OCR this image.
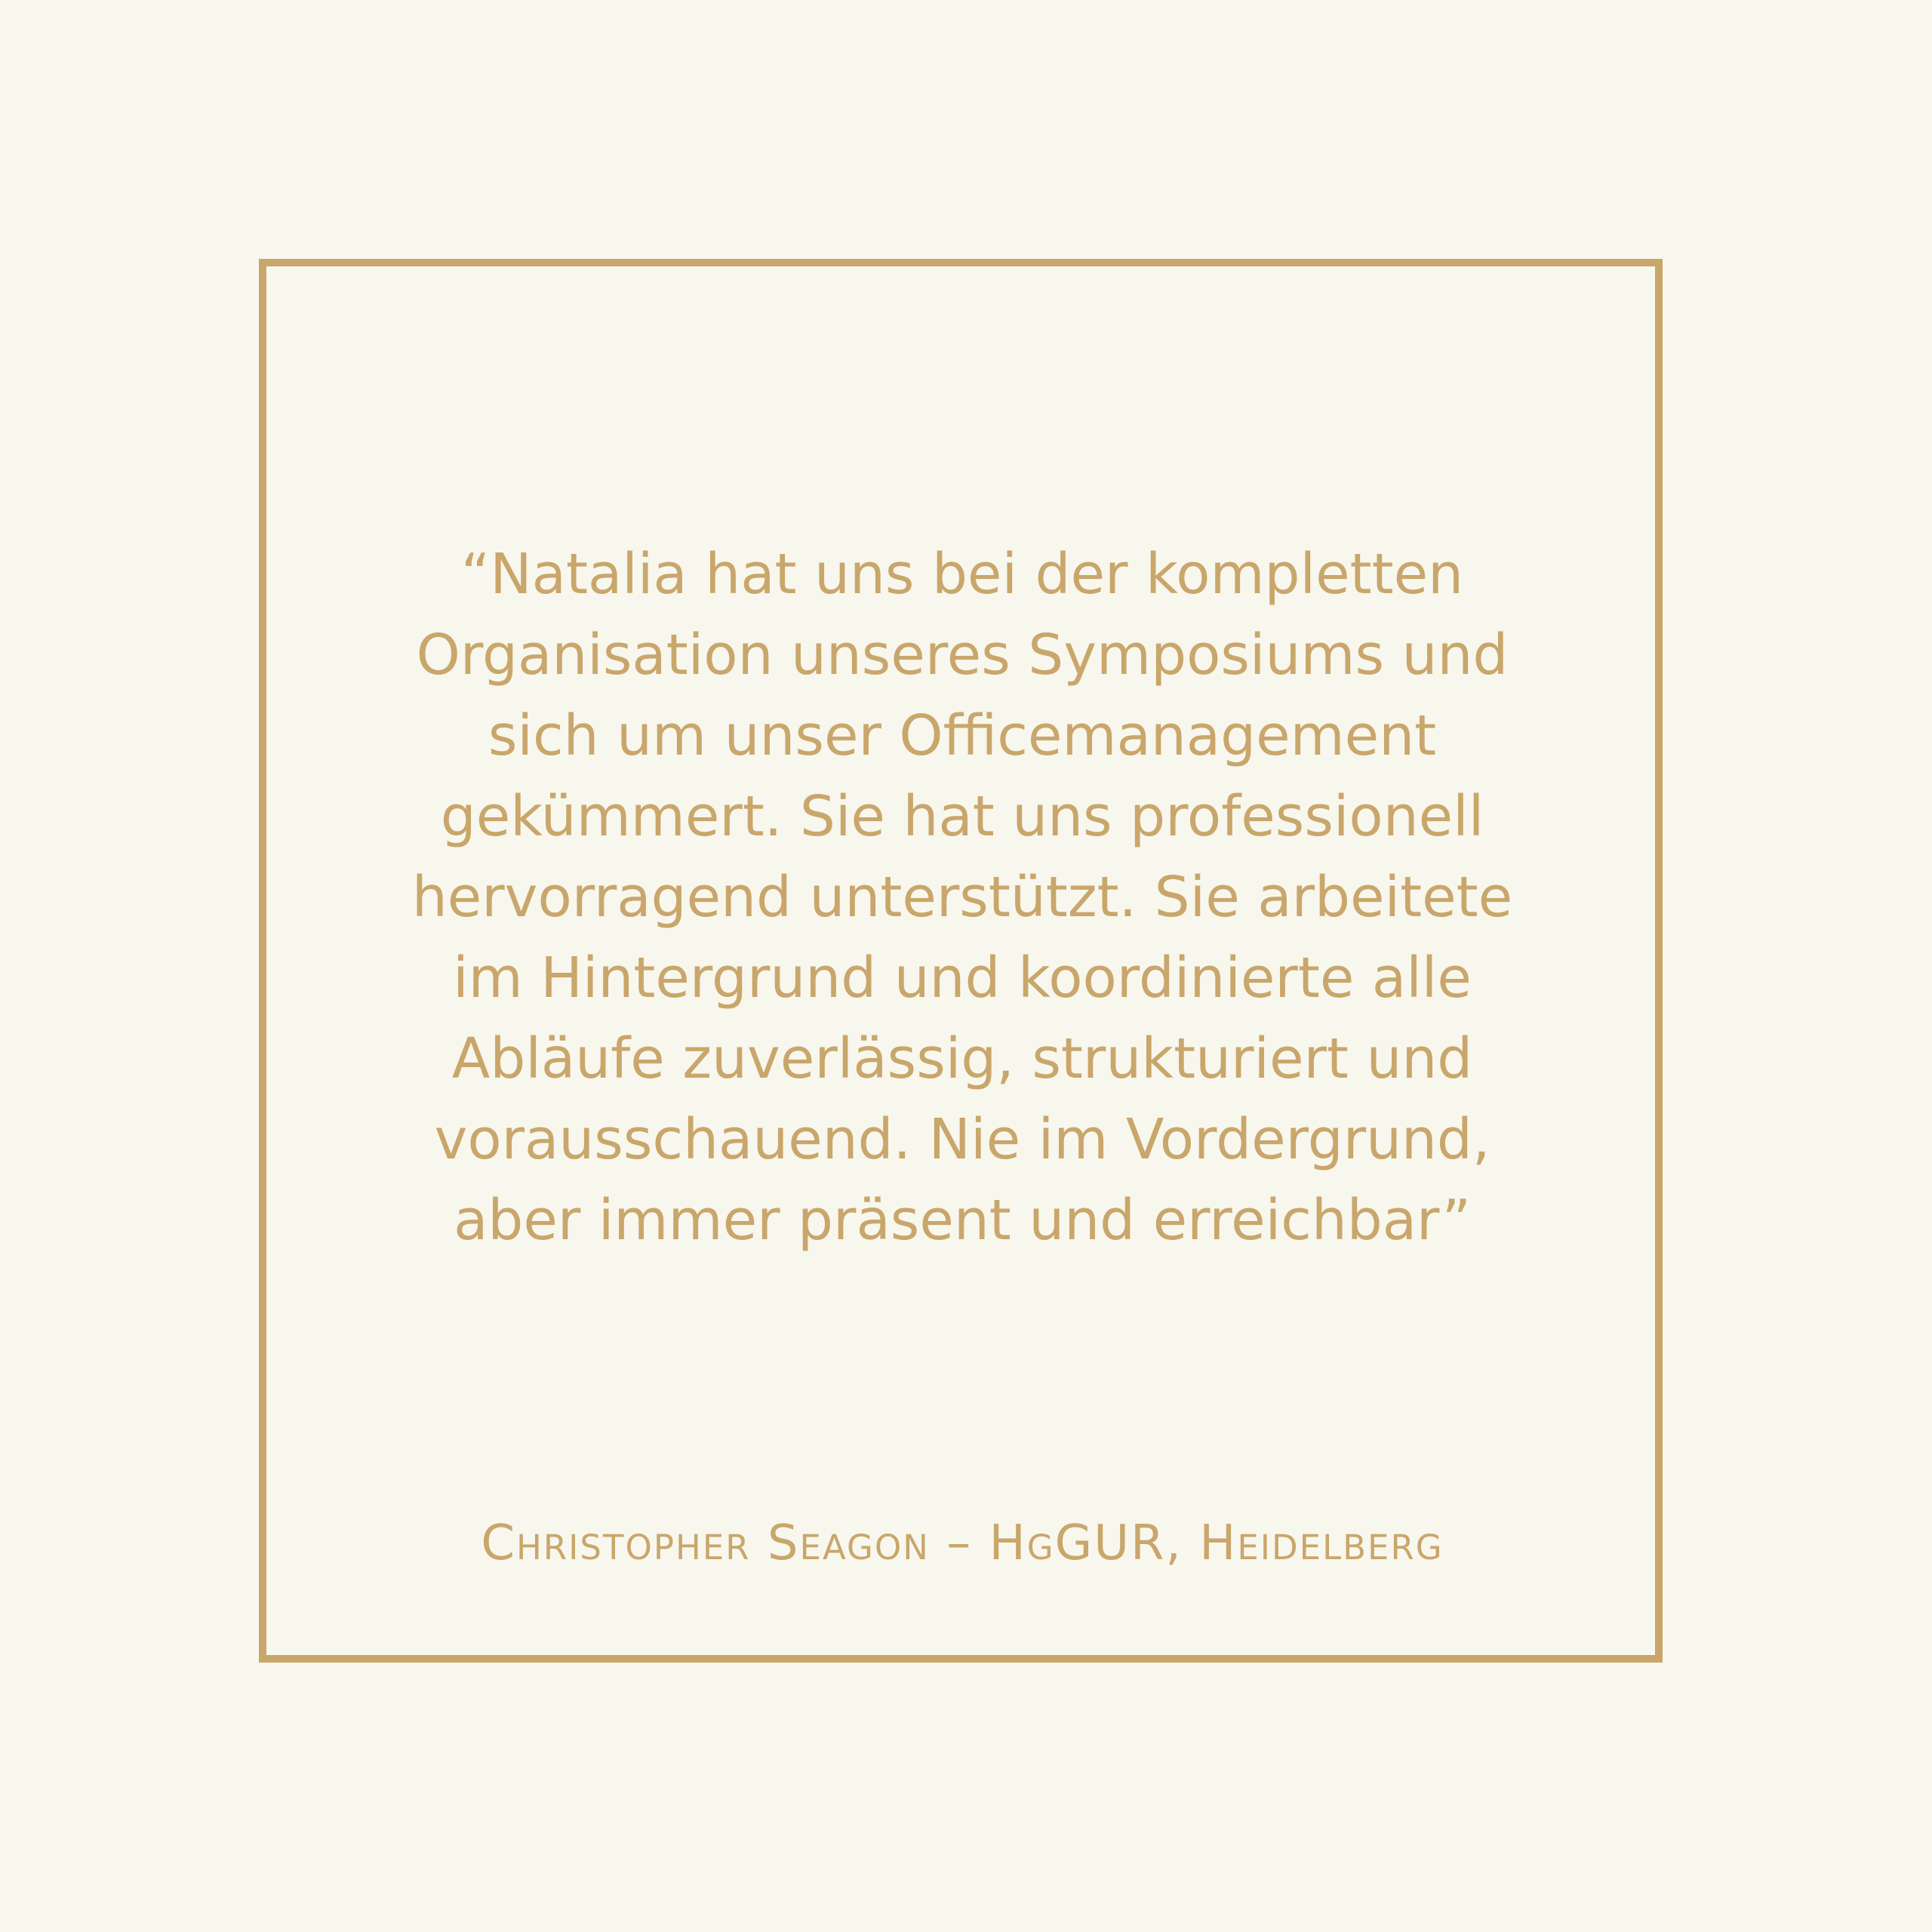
“Natalia hat uns bei der kompletten
Organisation unseres Symposiums und
sich um unser Officemanagement
gekümmert. Sie hat uns professionell
hervorragend unterstützt. Sie arbeitete
im Hintergrund und koordinierte alle
Abläufe zuverlässig, strukturiert und
vorausschauend. Nie im Vordergrund,
aber immer präsent und erreichbar”

Christopher Seagon – HgGUR, Heidelberg
